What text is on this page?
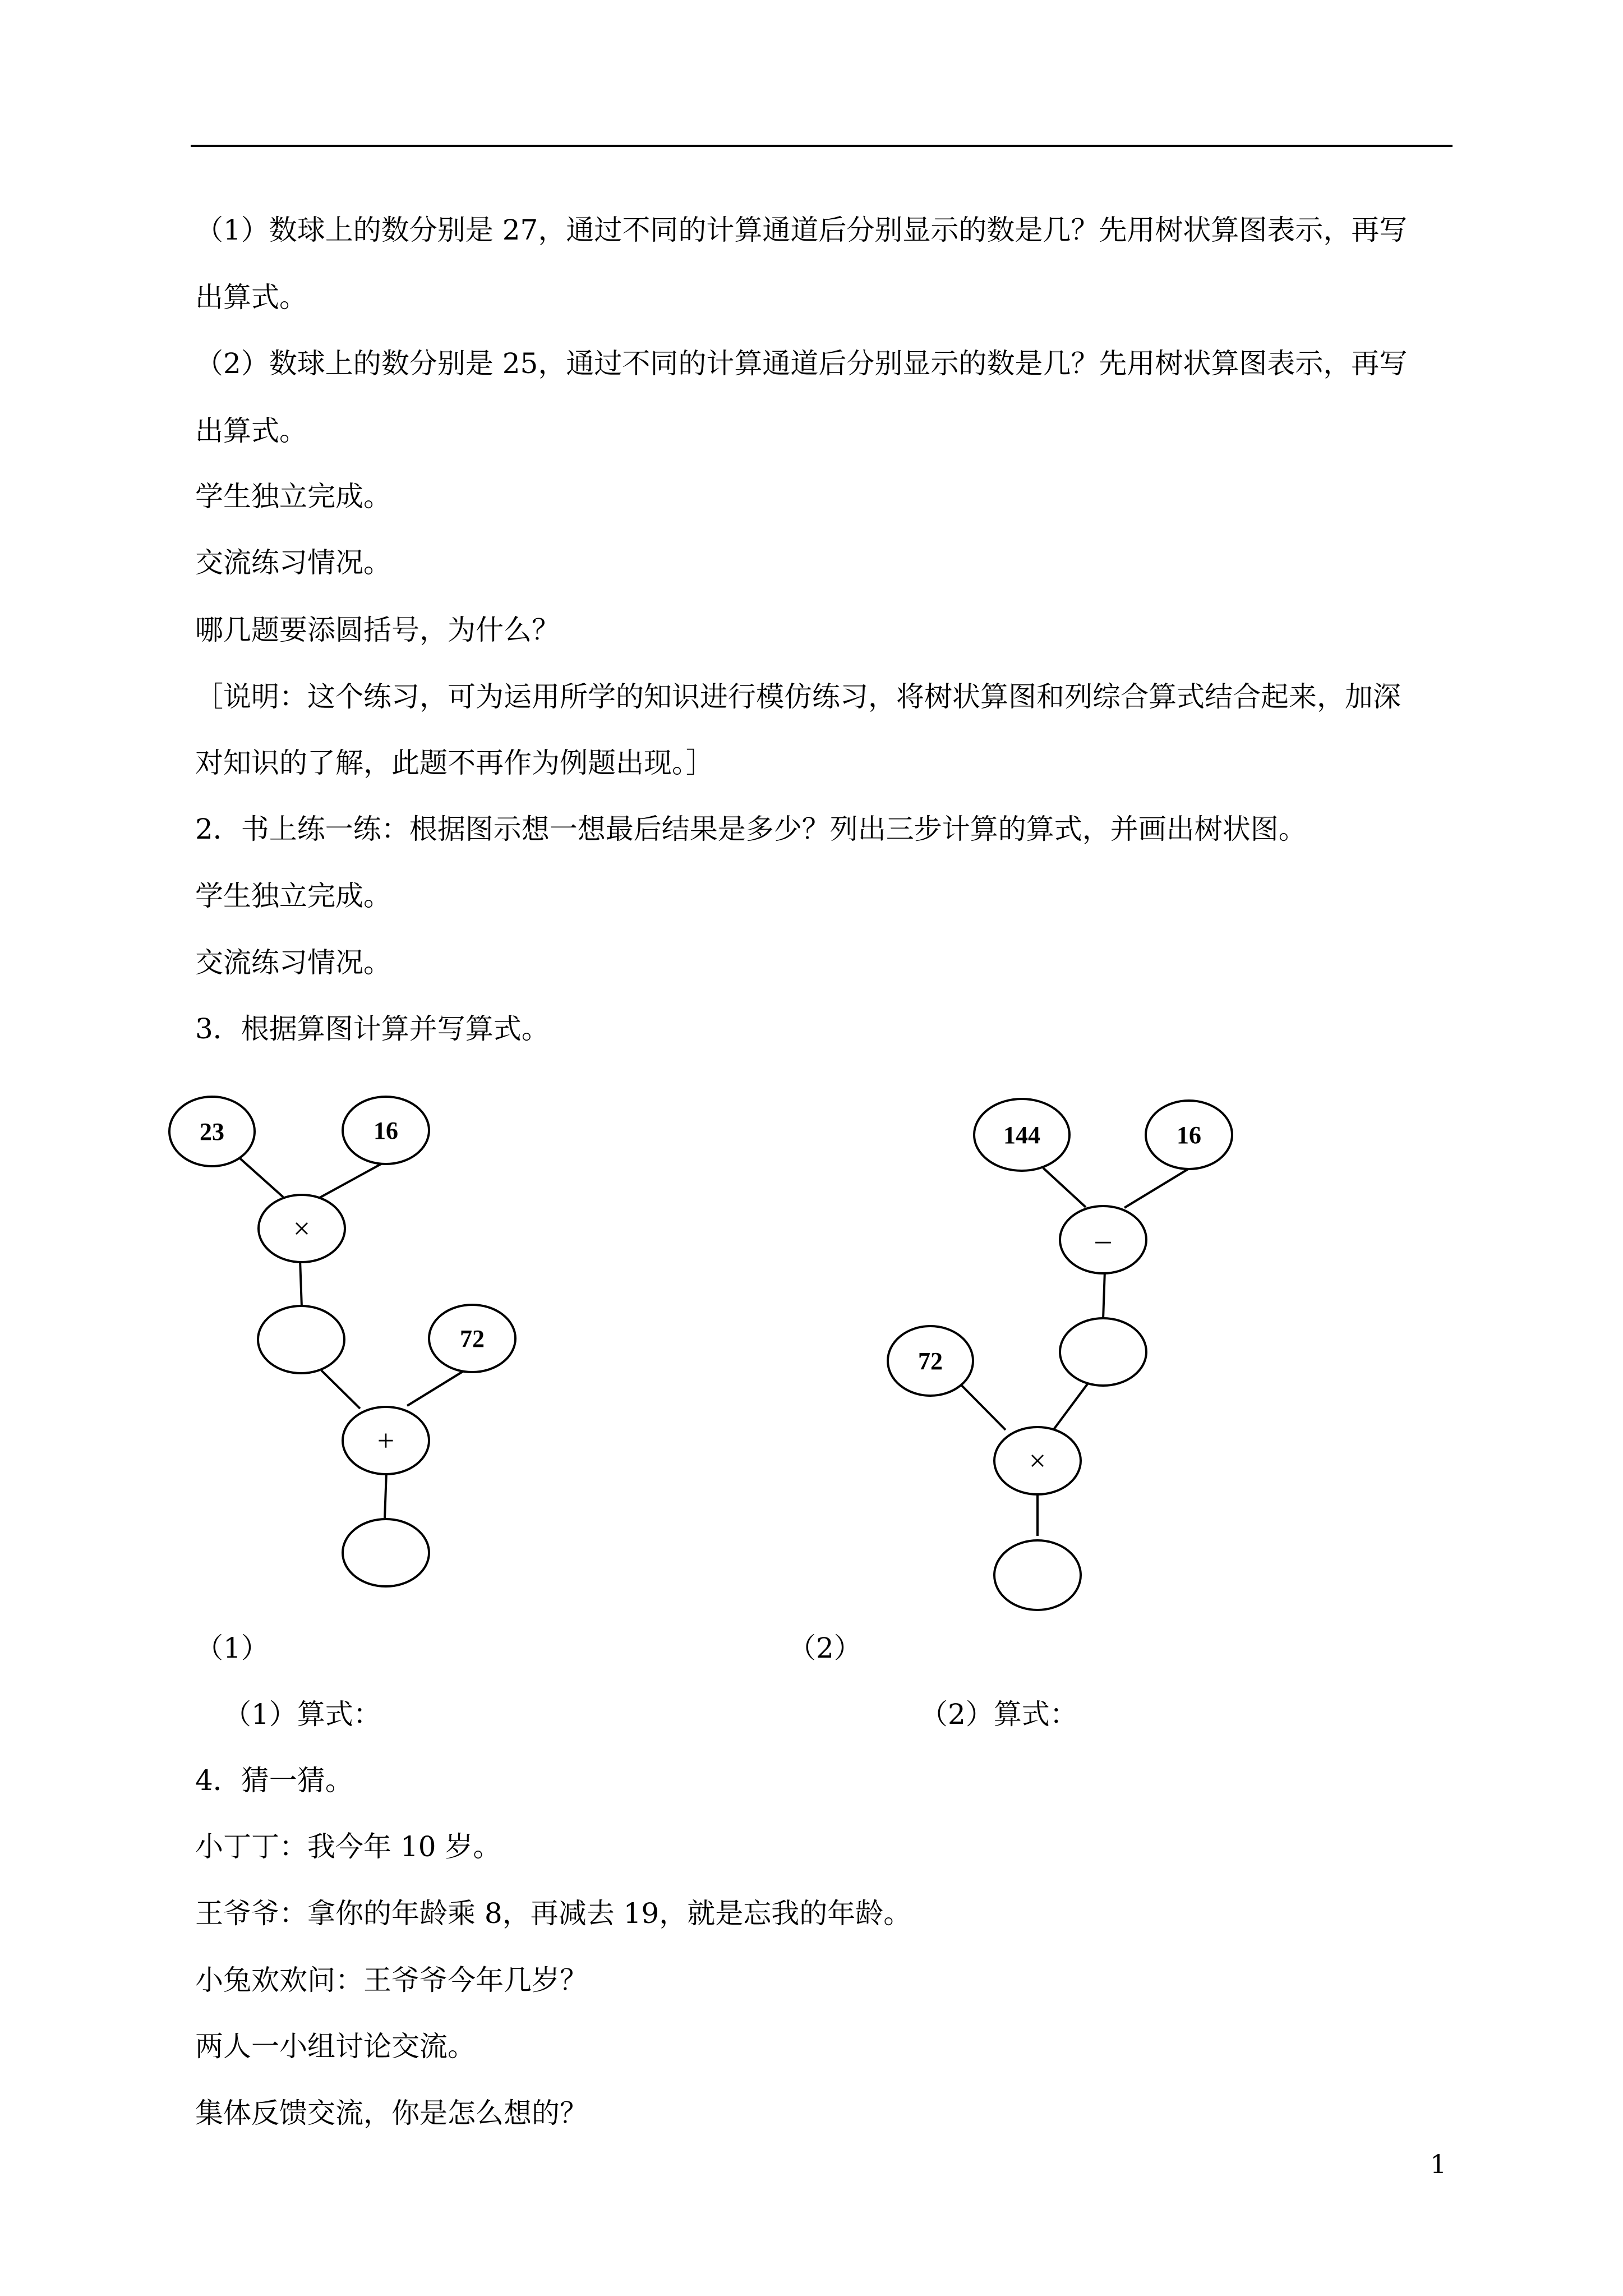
（1）数球上的数分别是 27，通过不同的计算通道后分别显示的数是几？先用树状算图表示，再写
出算式。
（2）数球上的数分别是 25，通过不同的计算通道后分别显示的数是几？先用树状算图表示，再写
出算式。
学生独立完成。
交流练习情况。
哪几题要添圆括号，为什么？
［说明：这个练习，可为运用所学的知识进行模仿练习，将树状算图和列综合算式结合起来，加深
对知识的了解，此题不再作为例题出现。］
2．书上练一练：根据图示想一想最后结果是多少？列出三步计算的算式，并画出树状图。
学生独立完成。
交流练习情况。
3．根据算图计算并写算式。
23	16
×
72
+
144	16
–
72
×
（1）	（2）
（1）算式：	（2）算式：
4．猜一猜。
小丁丁：我今年 10 岁。
王爷爷：拿你的年龄乘 8，再减去 19，就是忘我的年龄。
小兔欢欢问：王爷爷今年几岁？
两人一小组讨论交流。
集体反馈交流，你是怎么想的？
1
